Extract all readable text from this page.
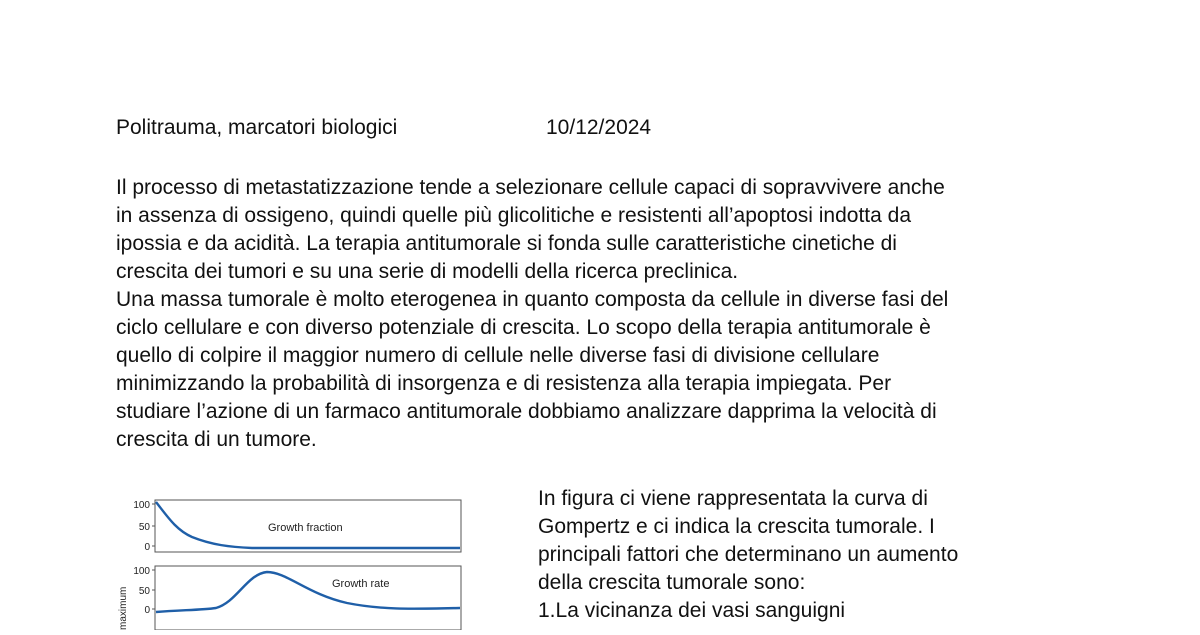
Politrauma, marcatori biologici	10/12/2024
Il processo di metastatizzazione tende a selezionare cellule capaci di sopravvivere anche
in assenza di ossigeno, quindi quelle più glicolitiche e resistenti all’apoptosi indotta da
ipossia e da acidità. La terapia antitumorale si fonda sulle caratteristiche cinetiche di
crescita dei tumori e su una serie di modelli della ricerca preclinica.
Una massa tumorale è molto eterogenea in quanto composta da cellule in diverse fasi del
ciclo cellulare e con diverso potenziale di crescita. Lo scopo della terapia antitumorale è
quello di colpire il maggior numero di cellule nelle diverse fasi di divisione cellulare
minimizzando la probabilità di insorgenza e di resistenza alla terapia impiegata. Per
studiare l’azione di un farmaco antitumorale dobbiamo analizzare dapprima la velocità di
crescita di un tumore.
maximum
100
50
0
Growth fraction
100
50
0
Growth rate
In figura ci viene rappresentata la curva di
Gompertz e ci indica la crescita tumorale. I
principali fattori che determinano un aumento
della crescita tumorale sono:
1.La vicinanza dei vasi sanguigni
